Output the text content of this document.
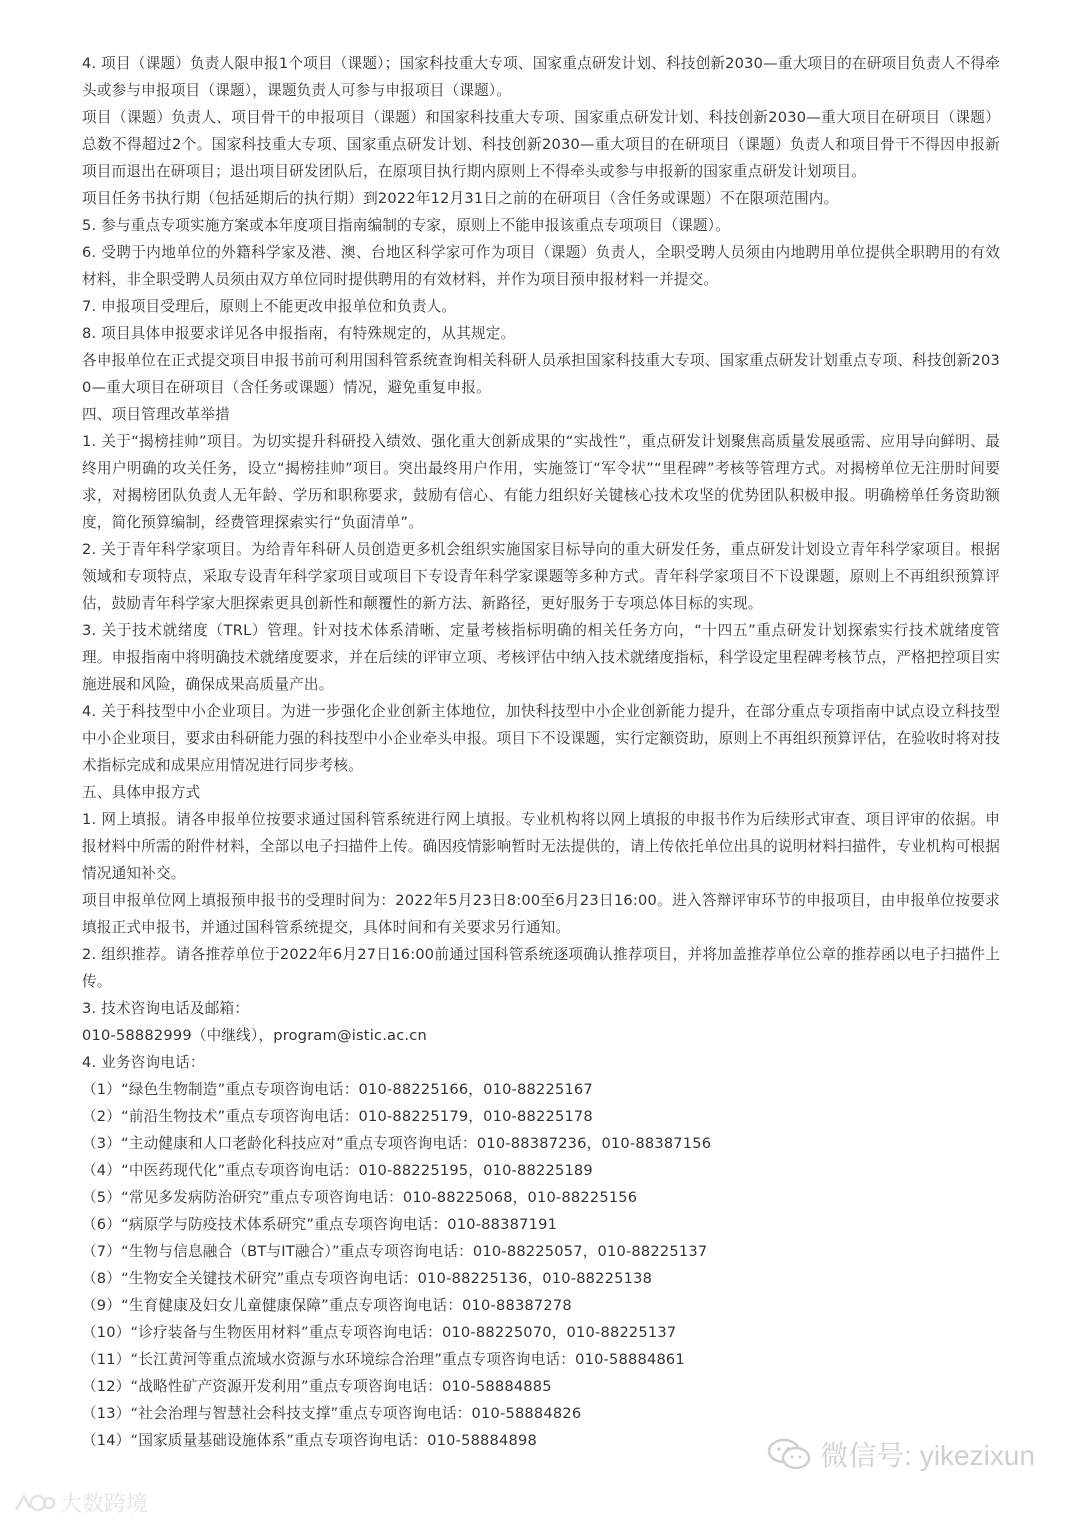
4. 项目（课题）负责人限申报1个项目（课题）；国家科技重大专项、国家重点研发计划、科技创新2030—重大项目的在研项目负责人不得牵头或参与申报项目（课题），课题负责人可参与申报项目（课题）。

项目（课题）负责人、项目骨干的申报项目（课题）和国家科技重大专项、国家重点研发计划、科技创新2030—重大项目在研项目（课题）总数不得超过2个。国家科技重大专项、国家重点研发计划、科技创新2030—重大项目的在研项目（课题）负责人和项目骨干不得因申报新项目而退出在研项目；退出项目研发团队后，在原项目执行期内原则上不得牵头或参与申报新的国家重点研发计划项目。

项目任务书执行期（包括延期后的执行期）到2022年12月31日之前的在研项目（含任务或课题）不在限项范围内。

5. 参与重点专项实施方案或本年度项目指南编制的专家，原则上不能申报该重点专项项目（课题）。

6. 受聘于内地单位的外籍科学家及港、澳、台地区科学家可作为项目（课题）负责人，全职受聘人员须由内地聘用单位提供全职聘用的有效材料，非全职受聘人员须由双方单位同时提供聘用的有效材料，并作为项目预申报材料一并提交。

7. 申报项目受理后，原则上不能更改申报单位和负责人。

8. 项目具体申报要求详见各申报指南，有特殊规定的，从其规定。

各申报单位在正式提交项目申报书前可利用国科管系统查询相关科研人员承担国家科技重大专项、国家重点研发计划重点专项、科技创新2030—重大项目在研项目（含任务或课题）情况，避免重复申报。

四、项目管理改革举措

1. 关于“揭榜挂帅”项目。为切实提升科研投入绩效、强化重大创新成果的“实战性”，重点研发计划聚焦高质量发展亟需、应用导向鲜明、最终用户明确的攻关任务，设立“揭榜挂帅”项目。突出最终用户作用，实施签订“军令状”“里程碑”考核等管理方式。对揭榜单位无注册时间要求，对揭榜团队负责人无年龄、学历和职称要求，鼓励有信心、有能力组织好关键核心技术攻坚的优势团队积极申报。明确榜单任务资助额度，简化预算编制，经费管理探索实行“负面清单”。

2. 关于青年科学家项目。为给青年科研人员创造更多机会组织实施国家目标导向的重大研发任务，重点研发计划设立青年科学家项目。根据领域和专项特点，采取专设青年科学家项目或项目下专设青年科学家课题等多种方式。青年科学家项目不下设课题，原则上不再组织预算评估，鼓励青年科学家大胆探索更具创新性和颠覆性的新方法、新路径，更好服务于专项总体目标的实现。

3. 关于技术就绪度（TRL）管理。针对技术体系清晰、定量考核指标明确的相关任务方向，“十四五”重点研发计划探索实行技术就绪度管理。申报指南中将明确技术就绪度要求，并在后续的评审立项、考核评估中纳入技术就绪度指标，科学设定里程碑考核节点，严格把控项目实施进展和风险，确保成果高质量产出。

4. 关于科技型中小企业项目。为进一步强化企业创新主体地位，加快科技型中小企业创新能力提升，在部分重点专项指南中试点设立科技型中小企业项目，要求由科研能力强的科技型中小企业牵头申报。项目下不设课题，实行定额资助，原则上不再组织预算评估，在验收时将对技术指标完成和成果应用情况进行同步考核。

五、具体申报方式

1. 网上填报。请各申报单位按要求通过国科管系统进行网上填报。专业机构将以网上填报的申报书作为后续形式审查、项目评审的依据。申报材料中所需的附件材料，全部以电子扫描件上传。确因疫情影响暂时无法提供的，请上传依托单位出具的说明材料扫描件，专业机构可根据情况通知补交。

项目申报单位网上填报预申报书的受理时间为：2022年5月23日8:00至6月23日16:00。进入答辩评审环节的申报项目，由申报单位按要求填报正式申报书，并通过国科管系统提交，具体时间和有关要求另行通知。

2. 组织推荐。请各推荐单位于2022年6月27日16:00前通过国科管系统逐项确认推荐项目，并将加盖推荐单位公章的推荐函以电子扫描件上传。

3. 技术咨询电话及邮箱：

010-58882999（中继线），program@istic.ac.cn

4. 业务咨询电话：

（1）“绿色生物制造”重点专项咨询电话：010-88225166，010-88225167

（2）“前沿生物技术”重点专项咨询电话：010-88225179，010-88225178

（3）“主动健康和人口老龄化科技应对”重点专项咨询电话：010-88387236，010-88387156

（4）“中医药现代化”重点专项咨询电话：010-88225195，010-88225189

（5）“常见多发病防治研究”重点专项咨询电话：010-88225068，010-88225156

（6）“病原学与防疫技术体系研究”重点专项咨询电话：010-88387191

（7）“生物与信息融合（BT与IT融合）”重点专项咨询电话：010-88225057，010-88225137

（8）“生物安全关键技术研究”重点专项咨询电话：010-88225136，010-88225138

（9）“生育健康及妇女儿童健康保障”重点专项咨询电话：010-88387278

（10）“诊疗装备与生物医用材料”重点专项咨询电话：010-88225070，010-88225137

（11）“长江黄河等重点流域水资源与水环境综合治理”重点专项咨询电话：010-58884861

（12）“战略性矿产资源开发利用”重点专项咨询电话：010-58884885

（13）“社会治理与智慧社会科技支撑”重点专项咨询电话：010-58884826

（14）“国家质量基础设施体系”重点专项咨询电话：010-58884898	微信号: yikezixun
大数跨境
